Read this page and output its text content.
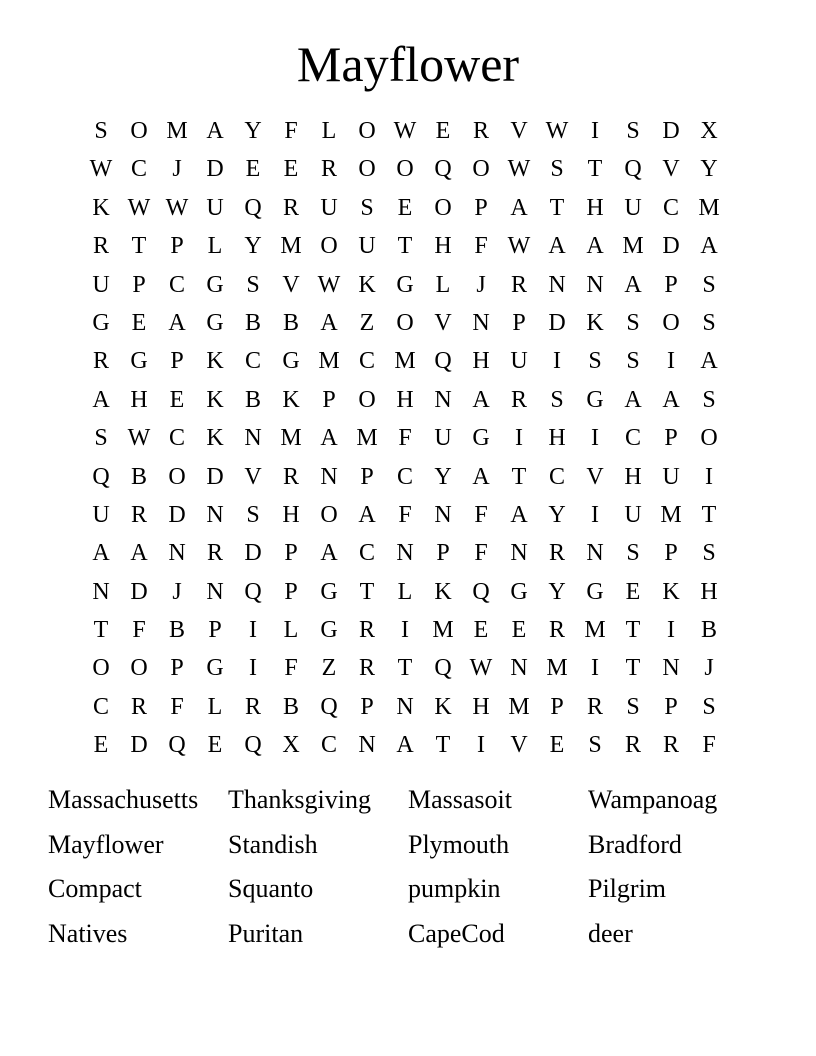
Mayflower
S O M A Y F L O W E R V W I	S D X
W C	J	D E E R O O Q O W S T Q V Y
K W W U Q R U S E O P A T H U C M
R T P L Y M O U T H F W A A M D A
U P C G S V W K G L	J	R N N A P	S
G E A G B B A Z O V N P D K S O S
R G P K C G M C M Q H U	I	S	S	I	A
A H E K B K P O H N A R S G A A S
S W C K N M A M F U G	I	H	I	C P O
Q B O D V R N P C Y A T C V H U	I
U R D N S H O A F N F A Y	I	U M T
A A N R D P A C N P	F N R N S	P	S
N D	J	N Q P G T L K Q G Y G E K H
T F B P	I	L G R	I M E E R M T	I	B
O O P G	I	F Z R T Q W N M I	T N	J
C R F L R B Q P N K H M P R S	P	S
E D Q E Q X C N A T	I	V E S R R F
Massachusetts	Thanksgiving	Massasoit	Wampanoag
Mayflower	Standish	Plymouth	Bradford
Compact	Squanto	pumpkin	Pilgrim
Natives	Puritan	CapeCod	deer
